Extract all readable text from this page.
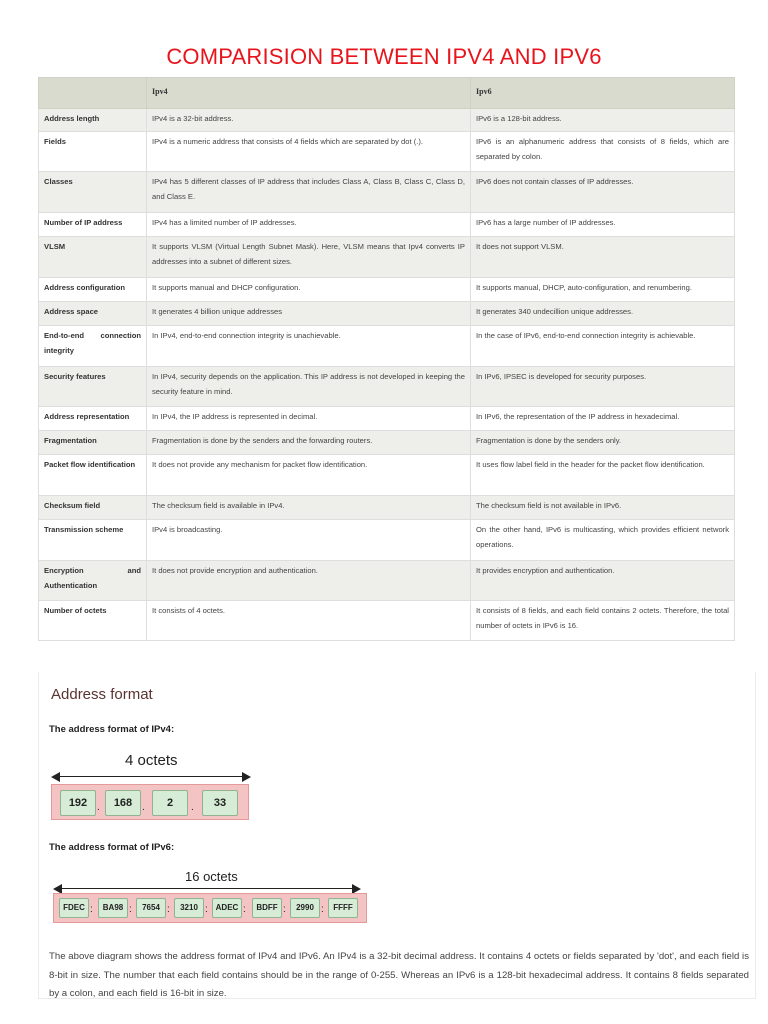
COMPARISION BETWEEN IPV4 AND IPV6
	Ipv4	Ipv6
Address length	IPv4 is a 32-bit address.	IPv6 is a 128-bit address.
Fields	IPv4 is a numeric address that consists of 4 fields which are separated by dot (.).	IPv6 is an alphanumeric address that consists of 8 fields, which are separated by colon.
Classes	IPv4 has 5 different classes of IP address that includes Class A, Class B, Class C, Class D, and Class E.	IPv6 does not contain classes of IP addresses.
Number of IP address	IPv4 has a limited number of IP addresses.	IPv6 has a large number of IP addresses.
VLSM	It supports VLSM (Virtual Length Subnet Mask). Here, VLSM means that Ipv4 converts IP addresses into a subnet of different sizes.	It does not support VLSM.
Address configuration	It supports manual and DHCP configuration.	It supports manual, DHCP, auto-configuration, and renumbering.
Address space	It generates 4 billion unique addresses	It generates 340 undecillion unique addresses.
End-to-end connection integrity	In IPv4, end-to-end connection integrity is unachievable.	In the case of IPv6, end-to-end connection integrity is achievable.
Security features	In IPv4, security depends on the application. This IP address is not developed in keeping the security feature in mind.	In IPv6, IPSEC is developed for security purposes.
Address representation	In IPv4, the IP address is represented in decimal.	In IPv6, the representation of the IP address in hexadecimal.
Fragmentation	Fragmentation is done by the senders and the forwarding routers.	Fragmentation is done by the senders only.
Packet flow identification	It does not provide any mechanism for packet flow identification.	It uses flow label field in the header for the packet flow identification.
Checksum field	The checksum field is available in IPv4.	The checksum field is not available in IPv6.
Transmission scheme	IPv4 is broadcasting.	On the other hand, IPv6 is multicasting, which provides efficient network operations.
Encryption and Authentication	It does not provide encryption and authentication.	It provides encryption and authentication.
Number of octets	It consists of 4 octets.	It consists of 8 fields, and each field contains 2 octets. Therefore, the total number of octets in IPv6 is 16.
Address format
The address format of IPv4:
4 octets
192 .	168 .	2	.	33
The address format of IPv6:
16 octets
FDEC :	BA98 :	7654 :	3210 : ADEC :	BDFF :	2990 :	FFFF
The above diagram shows the address format of IPv4 and IPv6. An IPv4 is a 32-bit decimal address. It contains 4 octets or fields separated by 'dot', and each field is 8-bit in size. The number that each field contains should be in the range of 0-255. Whereas an IPv6 is a 128-bit hexadecimal address. It contains 8 fields separated by a colon, and each field is 16-bit in size.
